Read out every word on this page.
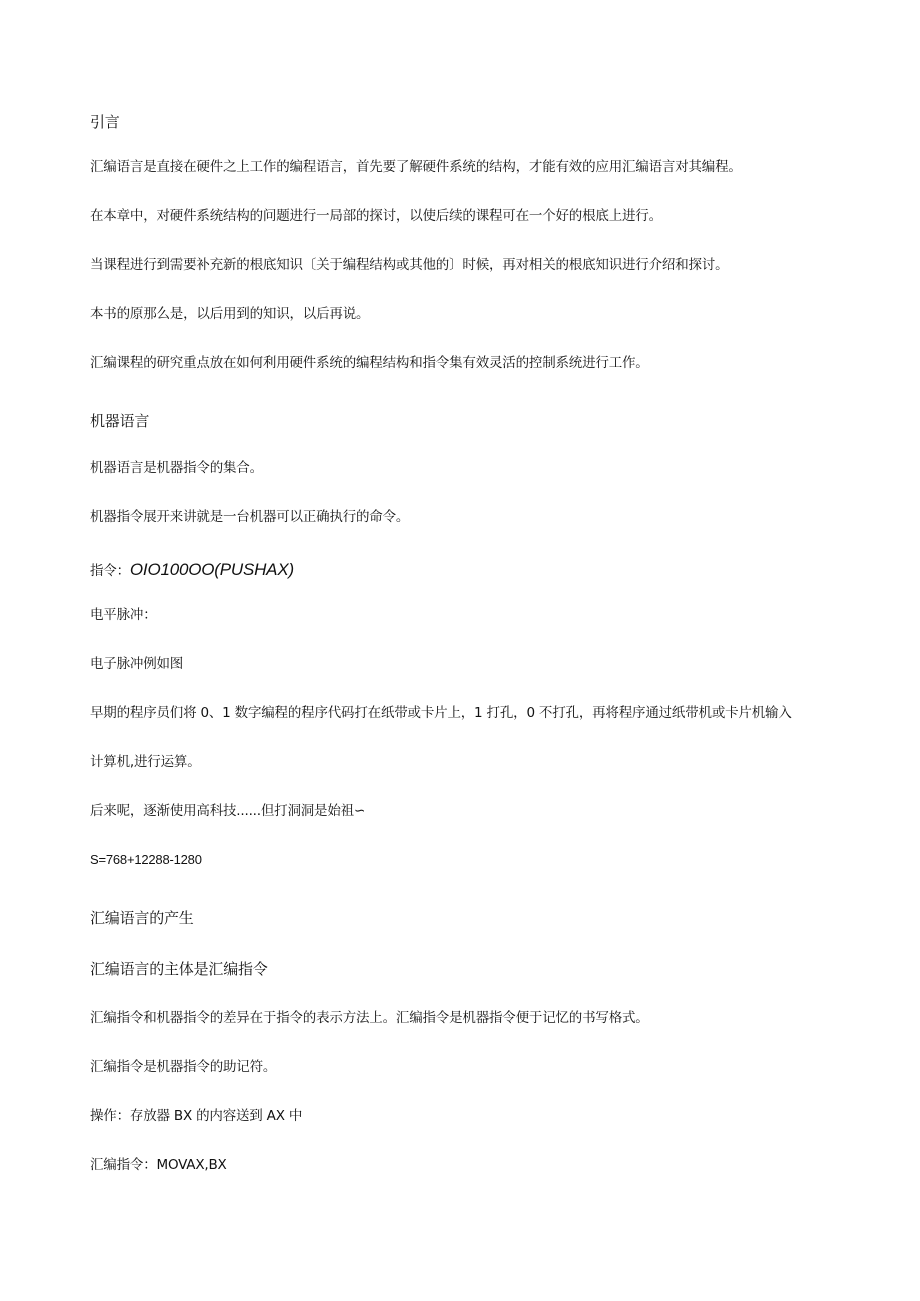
引言

汇编语言是直接在硬件之上工作的编程语言，首先要了解硬件系统的结构，才能有效的应用汇编语言对其编程。

在本章中，对硬件系统结构的问题进行一局部的探讨，以使后续的课程可在一个好的根底上进行。

当课程进行到需要补充新的根底知识〔关于编程结构或其他的〕时候，再对相关的根底知识进行介绍和探讨。

本书的原那么是，以后用到的知识，以后再说。

汇编课程的研究重点放在如何利用硬件系统的编程结构和指令集有效灵活的控制系统进行工作。

机器语言

机器语言是机器指令的集合。

机器指令展开来讲就是一台机器可以正确执行的命令。

指令：OIO100OO(PUSHAX)

电平脉冲：

电子脉冲例如图

早期的程序员们将 0、1 数字编程的程序代码打在纸带或卡片上，1 打孔，0 不打孔，再将程序通过纸带机或卡片机输入

计算机,进行运算。

后来呢，逐渐使用高科技......但打洞洞是始祖∽

S=768+12288-1280

汇编语言的产生

汇编语言的主体是汇编指令

汇编指令和机器指令的差异在于指令的表示方法上。汇编指令是机器指令便于记忆的书写格式。

汇编指令是机器指令的助记符。

操作：存放器 BX 的内容送到 AX 中

汇编指令：MOVAX,BX
